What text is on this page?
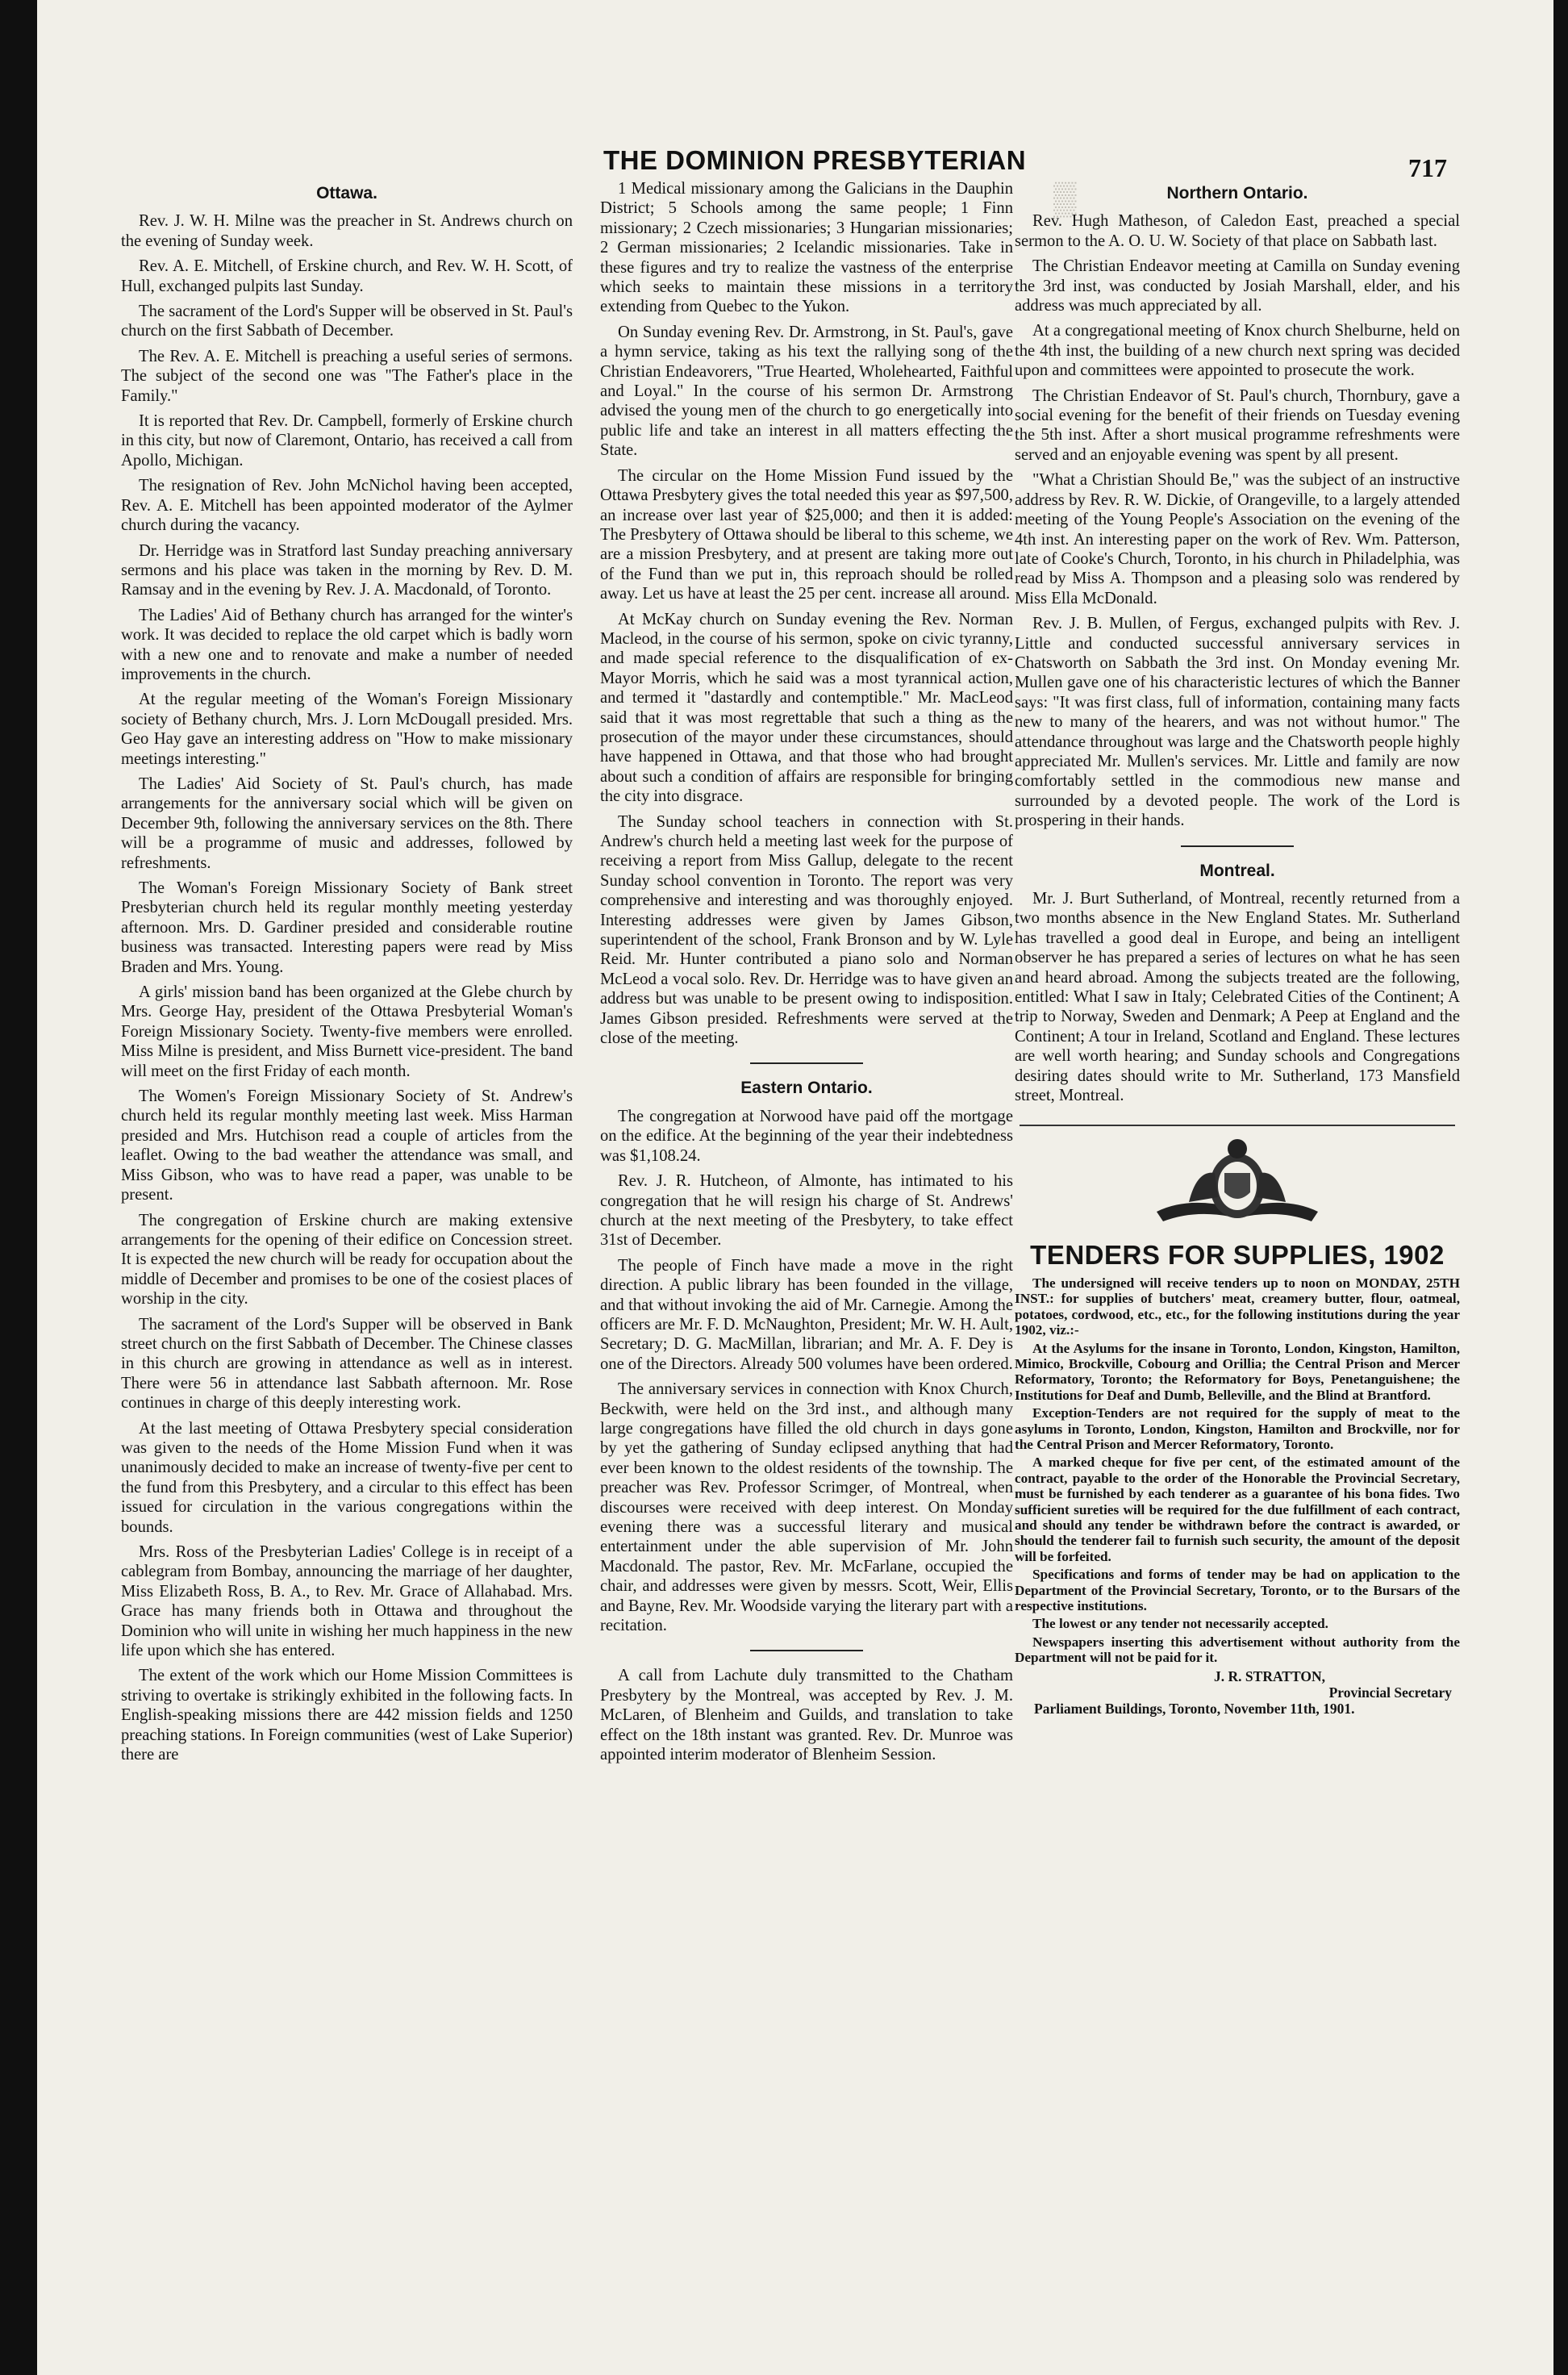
THE DOMINION PRESBYTERIAN	717
▒
Ottawa.

Rev. J. W. H. Milne was the preacher in St. Andrews church on the evening of Sunday week.

Rev. A. E. Mitchell, of Erskine church, and Rev. W. H. Scott, of Hull, exchanged pulpits last Sunday.

The sacrament of the Lord's Supper will be observed in St. Paul's church on the first Sabbath of December.

The Rev. A. E. Mitchell is preaching a useful series of sermons. The subject of the second one was "The Father's place in the Family."

It is reported that Rev. Dr. Campbell, formerly of Erskine church in this city, but now of Claremont, Ontario, has received a call from Apollo, Michigan.

The resignation of Rev. John McNichol having been accepted, Rev. A. E. Mitchell has been appointed moderator of the Aylmer church during the vacancy.

Dr. Herridge was in Stratford last Sunday preaching anniversary sermons and his place was taken in the morning by Rev. D. M. Ramsay and in the evening by Rev. J. A. Macdonald, of Toronto.

The Ladies' Aid of Bethany church has arranged for the winter's work. It was decided to replace the old carpet which is badly worn with a new one and to renovate and make a number of needed improvements in the church.

At the regular meeting of the Woman's Foreign Missionary society of Bethany church, Mrs. J. Lorn McDougall presided. Mrs. Geo Hay gave an interesting address on "How to make missionary meetings interesting."

The Ladies' Aid Society of St. Paul's church, has made arrangements for the anniversary social which will be given on December 9th, following the anniversary services on the 8th. There will be a programme of music and addresses, followed by refreshments.

The Woman's Foreign Missionary Society of Bank street Presbyterian church held its regular monthly meeting yesterday afternoon. Mrs. D. Gardiner presided and considerable routine business was transacted. Interesting papers were read by Miss Braden and Mrs. Young.

A girls' mission band has been organized at the Glebe church by Mrs. George Hay, president of the Ottawa Presbyterial Woman's Foreign Missionary Society. Twenty-five members were enrolled. Miss Milne is president, and Miss Burnett vice-president. The band will meet on the first Friday of each month.

The Women's Foreign Missionary Society of St. Andrew's church held its regular monthly meeting last week. Miss Harman presided and Mrs. Hutchison read a couple of articles from the leaflet. Owing to the bad weather the attendance was small, and Miss Gibson, who was to have read a paper, was unable to be present.

The congregation of Erskine church are making extensive arrangements for the opening of their edifice on Concession street. It is expected the new church will be ready for occupation about the middle of December and promises to be one of the cosiest places of worship in the city.

The sacrament of the Lord's Supper will be observed in Bank street church on the first Sabbath of December. The Chinese classes in this church are growing in attendance as well as in interest. There were 56 in attendance last Sabbath afternoon. Mr. Rose continues in charge of this deeply interesting work.

At the last meeting of Ottawa Presbytery special consideration was given to the needs of the Home Mission Fund when it was unanimously decided to make an increase of twenty-five per cent to the fund from this Presbytery, and a circular to this effect has been issued for circulation in the various congregations within the bounds.

Mrs. Ross of the Presbyterian Ladies' College is in receipt of a cablegram from Bombay, announcing the marriage of her daughter, Miss Elizabeth Ross, B. A., to Rev. Mr. Grace of Allahabad. Mrs. Grace has many friends both in Ottawa and throughout the Dominion who will unite in wishing her much happiness in the new life upon which she has entered.

The extent of the work which our Home Mission Committees is striving to overtake is strikingly exhibited in the following facts. In English-speaking missions there are 442 mission fields and 1250 preaching stations. In Foreign communities (west of Lake Superior) there are

1 Medical missionary among the Galicians in the Dauphin District; 5 Schools among the same people; 1 Finn missionary; 2 Czech missionaries; 3 Hungarian missionaries; 2 German missionaries; 2 Icelandic missionaries. Take in these figures and try to realize the vastness of the enterprise which seeks to maintain these missions in a territory extending from Quebec to the Yukon.

On Sunday evening Rev. Dr. Armstrong, in St. Paul's, gave a hymn service, taking as his text the rallying song of the Christian Endeavorers, "True Hearted, Wholehearted, Faithful and Loyal." In the course of his sermon Dr. Armstrong advised the young men of the church to go energetically into public life and take an interest in all matters effecting the State.

The circular on the Home Mission Fund issued by the Ottawa Presbytery gives the total needed this year as $97,500, an increase over last year of $25,000; and then it is added: The Presbytery of Ottawa should be liberal to this scheme, we are a mission Presbytery, and at present are taking more out of the Fund than we put in, this reproach should be rolled away. Let us have at least the 25 per cent. increase all around.

At McKay church on Sunday evening the Rev. Norman Macleod, in the course of his sermon, spoke on civic tyranny, and made special reference to the disqualification of ex-Mayor Morris, which he said was a most tyrannical action, and termed it "dastardly and contemptible." Mr. MacLeod said that it was most regrettable that such a thing as the prosecution of the mayor under these circumstances, should have happened in Ottawa, and that those who had brought about such a condition of affairs are responsible for bringing the city into disgrace.

The Sunday school teachers in connection with St. Andrew's church held a meeting last week for the purpose of receiving a report from Miss Gallup, delegate to the recent Sunday school convention in Toronto. The report was very comprehensive and interesting and was thoroughly enjoyed. Interesting addresses were given by James Gibson, superintendent of the school, Frank Bronson and by W. Lyle Reid. Mr. Hunter contributed a piano solo and Norman McLeod a vocal solo. Rev. Dr. Herridge was to have given an address but was unable to be present owing to indisposition. James Gibson presided. Refreshments were served at the close of the meeting.

Eastern Ontario.

The congregation at Norwood have paid off the mortgage on the edifice. At the beginning of the year their indebtedness was $1,108.24.

Rev. J. R. Hutcheon, of Almonte, has intimated to his congregation that he will resign his charge of St. Andrews' church at the next meeting of the Presbytery, to take effect 31st of December.

The people of Finch have made a move in the right direction. A public library has been founded in the village, and that without invoking the aid of Mr. Carnegie. Among the officers are Mr. F. D. McNaughton, President; Mr. W. H. Ault, Secretary; D. G. MacMillan, librarian; and Mr. A. F. Dey is one of the Directors. Already 500 volumes have been ordered.

The anniversary services in connection with Knox Church, Beckwith, were held on the 3rd inst., and although many large congregations have filled the old church in days gone by yet the gathering of Sunday eclipsed anything that had ever been known to the oldest residents of the township. The preacher was Rev. Professor Scrimger, of Montreal, when discourses were received with deep interest. On Monday evening there was a successful literary and musical entertainment under the able supervision of Mr. John Macdonald. The pastor, Rev. Mr. McFarlane, occupied the chair, and addresses were given by messrs. Scott, Weir, Ellis and Bayne, Rev. Mr. Woodside varying the literary part with a recitation.

A call from Lachute duly transmitted to the Chatham Presbytery by the Montreal, was accepted by Rev. J. M. McLaren, of Blenheim and Guilds, and translation to take effect on the 18th instant was granted. Rev. Dr. Munroe was appointed interim moderator of Blenheim Session.

Northern Ontario.

Rev. Hugh Matheson, of Caledon East, preached a special sermon to the A. O. U. W. Society of that place on Sabbath last.

The Christian Endeavor meeting at Camilla on Sunday evening the 3rd inst, was conducted by Josiah Marshall, elder, and his address was much appreciated by all.

At a congregational meeting of Knox church Shelburne, held on the 4th inst, the building of a new church next spring was decided upon and committees were appointed to prosecute the work.

The Christian Endeavor of St. Paul's church, Thornbury, gave a social evening for the benefit of their friends on Tuesday evening the 5th inst. After a short musical programme refreshments were served and an enjoyable evening was spent by all present.

"What a Christian Should Be," was the subject of an instructive address by Rev. R. W. Dickie, of Orangeville, to a largely attended meeting of the Young People's Association on the evening of the 4th inst. An interesting paper on the work of Rev. Wm. Patterson, late of Cooke's Church, Toronto, in his church in Philadelphia, was read by Miss A. Thompson and a pleasing solo was rendered by Miss Ella McDonald.

Rev. J. B. Mullen, of Fergus, exchanged pulpits with Rev. J. Little and conducted successful anniversary services in Chatsworth on Sabbath the 3rd inst. On Monday evening Mr. Mullen gave one of his characteristic lectures of which the Banner says: "It was first class, full of information, containing many facts new to many of the hearers, and was not without humor." The attendance throughout was large and the Chatsworth people highly appreciated Mr. Mullen's services. Mr. Little and family are now comfortably settled in the commodious new manse and surrounded by a devoted people. The work of the Lord is prospering in their hands.

Montreal.

Mr. J. Burt Sutherland, of Montreal, recently returned from a two months absence in the New England States. Mr. Sutherland has travelled a good deal in Europe, and being an intelligent observer he has prepared a series of lectures on what he has seen and heard abroad. Among the subjects treated are the following, entitled: What I saw in Italy; Celebrated Cities of the Continent; A trip to Norway, Sweden and Denmark; A Peep at England and the Continent; A tour in Ireland, Scotland and England. These lectures are well worth hearing; and Sunday schools and Congregations desiring dates should write to Mr. Sutherland, 173 Mansfield street, Montreal.

TENDERS FOR SUPPLIES, 1902

The undersigned will receive tenders up to noon on MONDAY, 25TH INST.: for supplies of butchers' meat, creamery butter, flour, oatmeal, potatoes, cordwood, etc., etc., for the following institutions during the year 1902, viz.:-

At the Asylums for the insane in Toronto, London, Kingston, Hamilton, Mimico, Brockville, Cobourg and Orillia; the Central Prison and Mercer Reformatory, Toronto; the Reformatory for Boys, Penetanguishene; the Institutions for Deaf and Dumb, Belleville, and the Blind at Brantford.

Exception-Tenders are not required for the supply of meat to the asylums in Toronto, London, Kingston, Hamilton and Brockville, nor for the Central Prison and Mercer Reformatory, Toronto.

A marked cheque for five per cent, of the estimated amount of the contract, payable to the order of the Honorable the Provincial Secretary, must be furnished by each tenderer as a guarantee of his bona fides. Two sufficient sureties will be required for the due fulfillment of each contract, and should any tender be withdrawn before the contract is awarded, or should the tenderer fail to furnish such security, the amount of the deposit will be forfeited.

Specifications and forms of tender may be had on application to the Department of the Provincial Secretary, Toronto, or to the Bursars of the respective institutions.

The lowest or any tender not necessarily accepted.

Newspapers inserting this advertisement without authority from the Department will not be paid for it.

J. R. STRATTON,
Provincial Secretary
Parliament Buildings, Toronto, November 11th, 1901.
